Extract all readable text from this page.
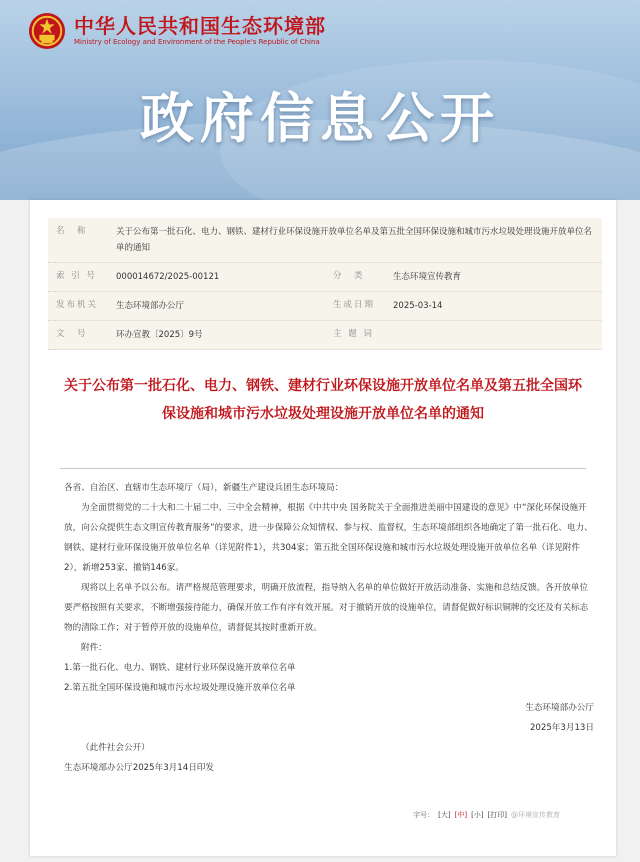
中华人民共和国生态环境部
Ministry of Ecology and Environment of the People's Republic of China
政府信息公开
名　称	关于公布第一批石化、电力、钢铁、建材行业环保设施开放单位名单及第五批全国环保设施和城市污水垃圾处理设施开放单位名单的通知
索 引 号	000014672/2025-00121	分　类	生态环境宣传教育
发布机关	生态环境部办公厅	生成日期	2025-03-14
文　号	环办宣教〔2025〕9号	主 题 词
关于公布第一批石化、电力、钢铁、建材行业环保设施开放单位名单及第五批全国环保设施和城市污水垃圾处理设施开放单位名单的通知

各省、自治区、直辖市生态环境厅（局），新疆生产建设兵团生态环境局：

为全面贯彻党的二十大和二十届二中、三中全会精神，根据《中共中央 国务院关于全面推进美丽中国建设的意见》中“深化环保设施开放，向公众提供生态文明宣传教育服务”的要求，进一步保障公众知情权、参与权、监督权，生态环境部组织各地确定了第一批石化、电力、钢铁、建材行业环保设施开放单位名单（详见附件1），共304家；第五批全国环保设施和城市污水垃圾处理设施开放单位名单（详见附件2），新增253家、撤销146家。

现将以上名单予以公布。请严格规范管理要求，明确开放流程，指导纳入名单的单位做好开放活动准备、实施和总结反馈。各开放单位要严格按照有关要求，不断增强接待能力，确保开放工作有序有效开展。对于撤销开放的设施单位，请督促做好标识铜牌的交还及有关标志物的清除工作；对于暂停开放的设施单位，请督促其按时重新开放。

附件：

1.第一批石化、电力、钢铁、建材行业环保设施开放单位名单

2.第五批全国环保设施和城市污水垃圾处理设施开放单位名单

生态环境部办公厅

2025年3月13日

（此件社会公开）

生态环境部办公厅2025年3月14日印发

字号： [大] [中] [小] [打印] @环境宣传教育
